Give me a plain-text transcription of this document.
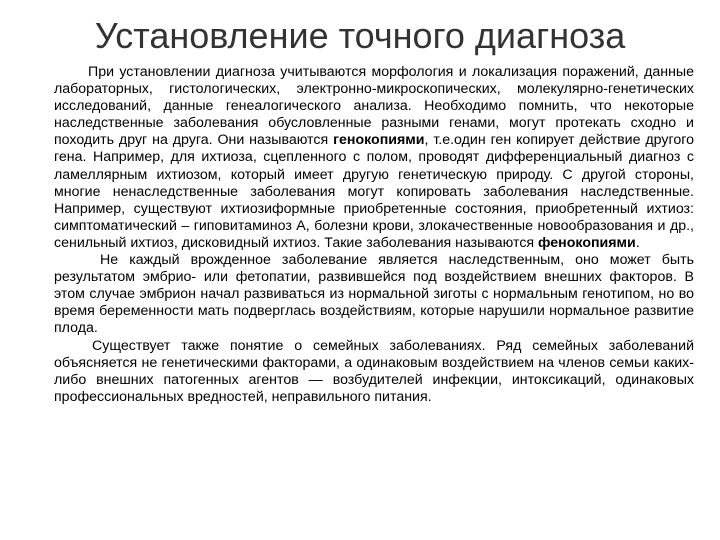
Установление точного диагноза

При установлении диагноза учитываются морфология и локализация поражений, данные лабораторных, гистологических, электронно-микроскопических, молекулярно-генетических исследований, данные генеалогического анализа. Необходимо помнить, что некоторые наследственные заболевания обусловленные разными генами, могут протекать сходно и походить друг на друга. Они называются генокопиями, т.е.один ген копирует действие другого гена. Например, для ихтиоза, сцепленного с полом, проводят дифференциальный диагноз с ламеллярным ихтиозом, который имеет другую генетическую природу. С другой стороны, многие ненаследственные заболевания могут копировать заболевания наследственные. Например, существуют ихтиозиформные приобретенные состояния, приобретенный ихтиоз: симптоматический – гиповитаминоз А, болезни крови, злокачественные новообразования и др., сенильный ихтиоз, дисковидный ихтиоз. Такие заболевания называются фенокопиями.

Не каждый врожденное заболевание является наследственным, оно может быть результатом эмбрио- или фетопатии, развившейся под воздействием внешних факторов. В этом случае эмбрион начал развиваться из нормальной зиготы с нормальным генотипом, но во время беременности мать подверглась воздействиям, которые нарушили нормальное развитие плода.

Существует также понятие о семейных заболеваниях. Ряд семейных заболеваний объясняется не генетическими факторами, а одинаковым воздействием на членов семьи каких-либо внешних патогенных агентов — возбудителей инфекции, интоксикаций, одинаковых профессиональных вредностей, неправильного питания.
